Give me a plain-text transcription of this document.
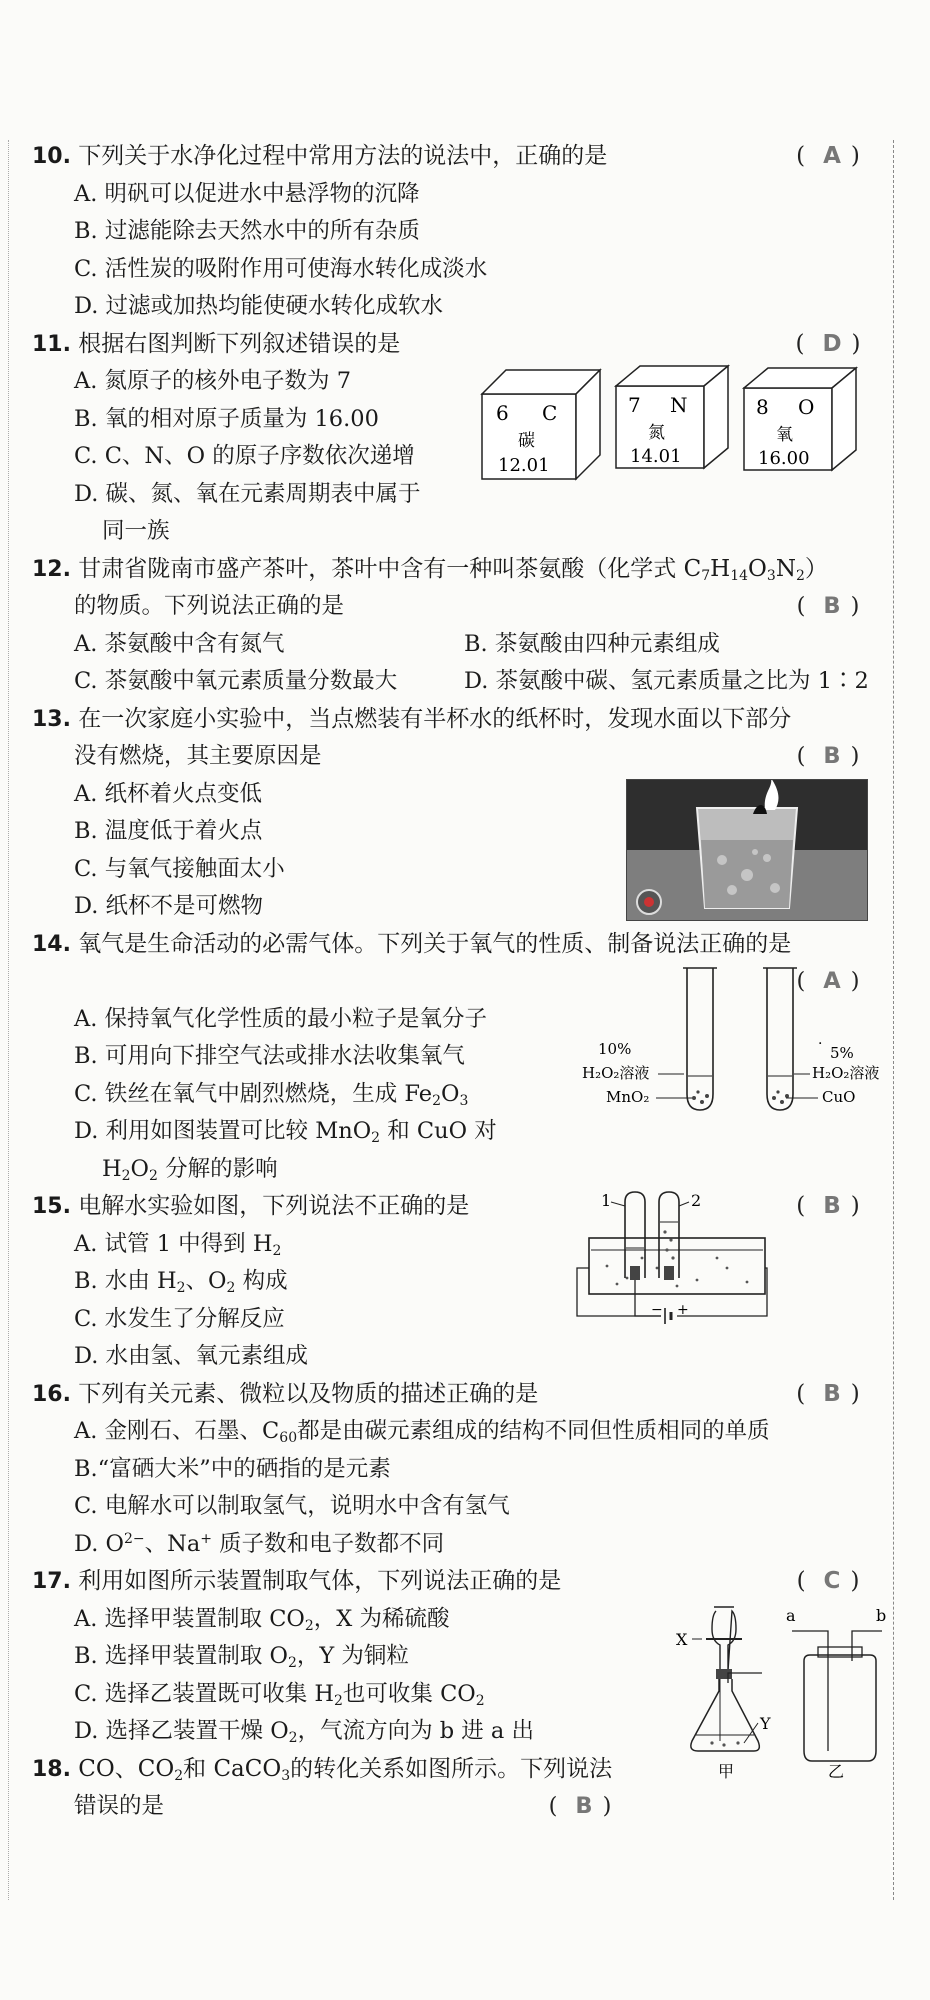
10. 下列关于水净化过程中常用方法的说法中，正确的是	( A )
A. 明矾可以促进水中悬浮物的沉降
B. 过滤能除去天然水中的所有杂质
C. 活性炭的吸附作用可使海水转化成淡水
D. 过滤或加热均能使硬水转化成软水
11. 根据右图判断下列叙述错误的是	( D )
A. 氮原子的核外电子数为 7
B. 氧的相对原子质量为 16.00
C. C、N、O 的原子序数依次递增
D. 碳、氮、氧在元素周期表中属于
同一族
6 C
碳
12.01
7 N
氮
14.01
8 O
氧
16.00
12. 甘肃省陇南市盛产茶叶，茶叶中含有一种叫茶氨酸（化学式 $C_7H_{14}O_3N_2$）
的物质。下列说法正确的是	( B )
A. 茶氨酸中含有氮气	B. 茶氨酸由四种元素组成
C. 茶氨酸中氧元素质量分数最大	D. 茶氨酸中碳、氢元素质量之比为 1∶2
13. 在一次家庭小实验中，当点燃装有半杯水的纸杯时，发现水面以下部分
没有燃烧，其主要原因是	( B )
A. 纸杯着火点变低
B. 温度低于着火点
C. 与氧气接触面太小
D. 纸杯不是可燃物
14. 氧气是生命活动的必需气体。下列关于氧气的性质、制备说法正确的是
( A )
A. 保持氧气化学性质的最小粒子是氧分子
B. 可用向下排空气法或排水法收集氧气
C. 铁丝在氧气中剧烈燃烧，生成 $Fe_2O_3$
D. 利用如图装置可比较 MnO$_2$ 和 CuO 对
$H_2O_2$ 分解的影响
10%
H₂O₂溶液
MnO₂
5%
H₂O₂溶液
CuO
·
15. 电解水实验如图，下列说法不正确的是	( B )
A. 试管 1 中得到 $H_2$
B. 水由 $H_2$、$O_2$ 构成
C. 水发生了分解反应
D. 水由氢、氧元素组成
1	2
− +
16. 下列有关元素、微粒以及物质的描述正确的是	( B )
A. 金刚石、石墨、$C_{60}$都是由碳元素组成的结构不同但性质相同的单质
B.“富硒大米”中的硒指的是元素
C. 电解水可以制取氢气，说明水中含有氢气
D. $O^{2-}$、Na+ 质子数和电子数都不同
17. 利用如图所示装置制取气体，下列说法正确的是	( C )
A. 选择甲装置制取 $CO_2$，X 为稀硫酸
B. 选择甲装置制取 $O_2$，Y 为铜粒
C. 选择乙装置既可收集 $H_2$也可收集 $CO_2$
D. 选择乙装置干燥 $O_2$，气流方向为 b 进 a 出
X
Y
甲
a	b
乙
18. CO、$CO_2$和 CaCO$_3$的转化关系如图所示。下列说法
错误的是	( B )
